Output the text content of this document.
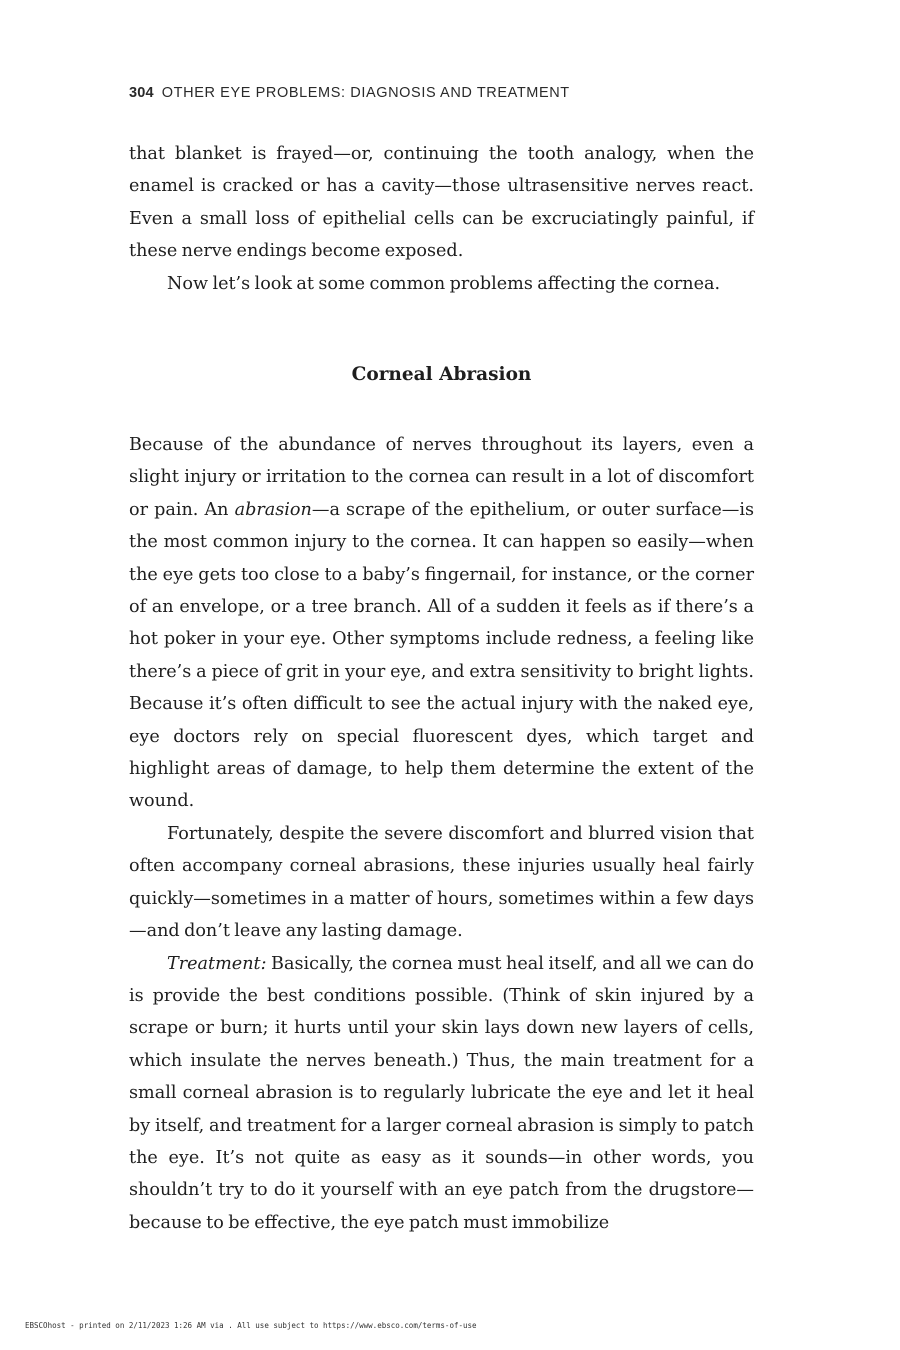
304 OTHER EYE PROBLEMS: DIAGNOSIS AND TREATMENT

that blanket is frayed—or, continuing the tooth analogy, when the enamel is cracked or has a cavity—those ultrasensitive nerves react. Even a small loss of epithelial cells can be excruciatingly painful, if these nerve endings become exposed.

Now let’s look at some common problems affecting the cornea.

Corneal Abrasion

Because of the abundance of nerves throughout its layers, even a slight injury or irritation to the cornea can result in a lot of discomfort or pain. An abrasion—a scrape of the epithelium, or outer surface—is the most common injury to the cornea. It can happen so easily—when the eye gets too close to a baby’s fingernail, for instance, or the corner of an envelope, or a tree branch. All of a sudden it feels as if there’s a hot poker in your eye. Other symptoms include redness, a feeling like there’s a piece of grit in your eye, and extra sensitivity to bright lights. Because it’s often difficult to see the actual injury with the naked eye, eye doctors rely on special fluorescent dyes, which target and highlight areas of damage, to help them determine the extent of the wound.

Fortunately, despite the severe discomfort and blurred vision that often accompany corneal abrasions, these injuries usually heal fairly quickly—sometimes in a matter of hours, sometimes within a few days—and don’t leave any lasting damage.

Treatment: Basically, the cornea must heal itself, and all we can do is provide the best conditions possible. (Think of skin injured by a scrape or burn; it hurts until your skin lays down new layers of cells, which insulate the nerves beneath.) Thus, the main treatment for a small corneal abrasion is to regularly lubricate the eye and let it heal by itself, and treatment for a larger corneal abrasion is simply to patch the eye. It’s not quite as easy as it sounds—in other words, you shouldn’t try to do it yourself with an eye patch from the drugstore—because to be effective, the eye patch must immobilize

EBSCOhost - printed on 2/11/2023 1:26 AM via . All use subject to https://www.ebsco.com/terms-of-use
